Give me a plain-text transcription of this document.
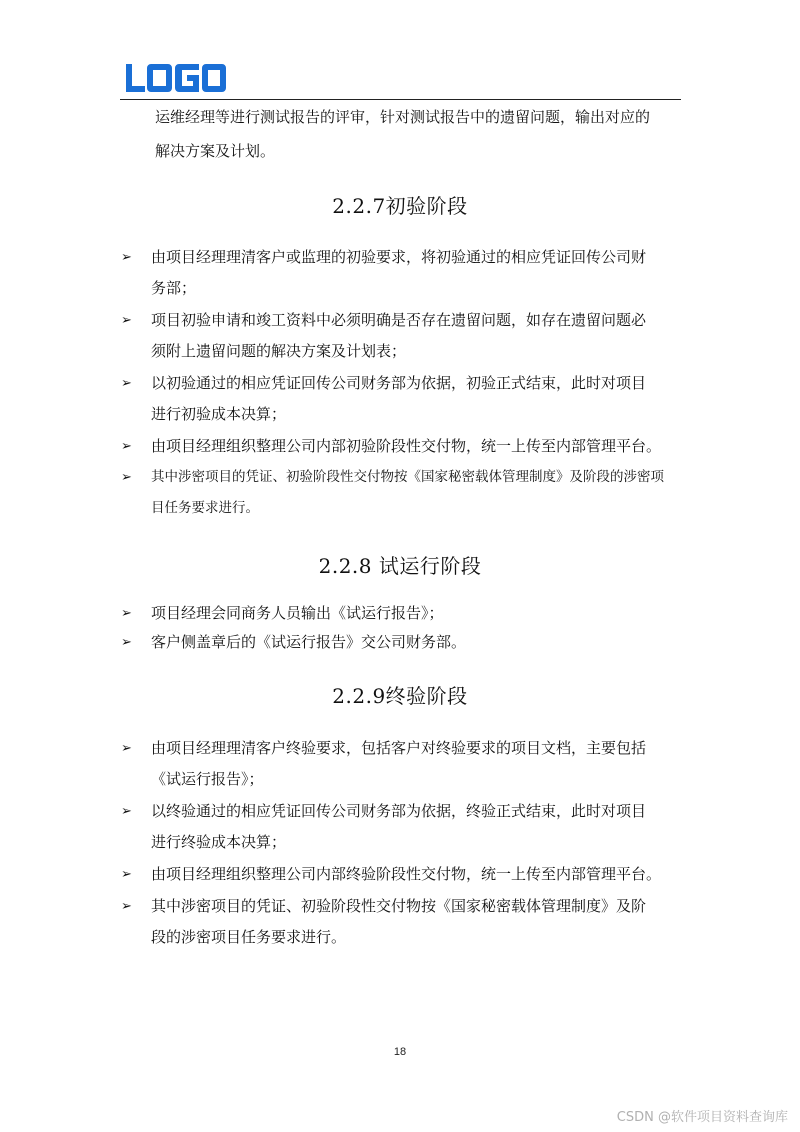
运维经理等进行测试报告的评审，针对测试报告中的遗留问题，输出对应的
解决方案及计划。

2.2.7初验阶段
➢	由项目经理理清客户或监理的初验要求，将初验通过的相应凭证回传公司财
务部；
➢	项目初验申请和竣工资料中必须明确是否存在遗留问题，如存在遗留问题必
须附上遗留问题的解决方案及计划表；
➢	以初验通过的相应凭证回传公司财务部为依据，初验正式结束，此时对项目
进行初验成本决算；
➢	由项目经理组织整理公司内部初验阶段性交付物，统一上传至内部管理平台。
➢	其中涉密项目的凭证、初验阶段性交付物按《国家秘密载体管理制度》及阶段的涉密项
目任务要求进行。
2.2.8 试运行阶段
➢	项目经理会同商务人员输出《试运行报告》；
➢	客户侧盖章后的《试运行报告》交公司财务部。
2.2.9终验阶段
➢	由项目经理理清客户终验要求，包括客户对终验要求的项目文档，主要包括
《试运行报告》；
➢	以终验通过的相应凭证回传公司财务部为依据，终验正式结束，此时对项目
进行终验成本决算；
➢	由项目经理组织整理公司内部终验阶段性交付物，统一上传至内部管理平台。
➢	其中涉密项目的凭证、初验阶段性交付物按《国家秘密载体管理制度》及阶
段的涉密项目任务要求进行。
18
CSDN @软件项目资料查询库
